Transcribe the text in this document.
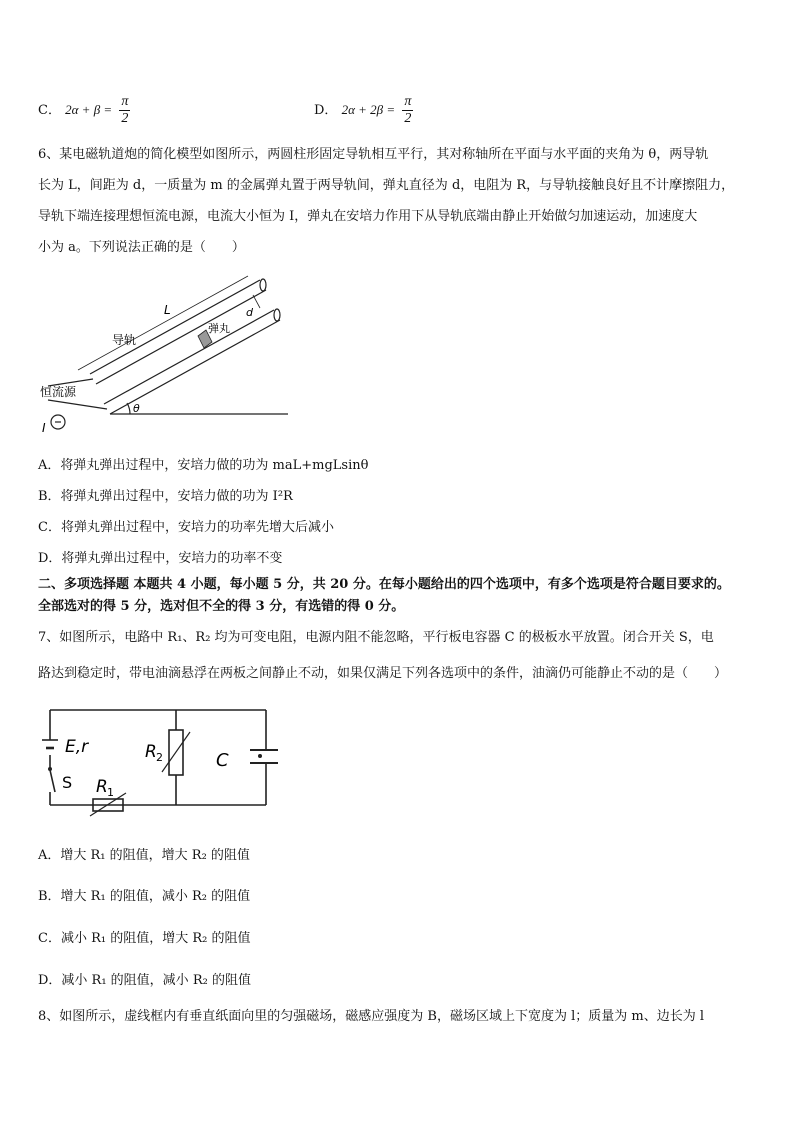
C． $2\alpha + \beta = \frac{\pi}{2}$	D． $2\alpha + 2\beta = \frac{\pi}{2}$
6、某电磁轨道炮的简化模型如图所示，两圆柱形固定导轨相互平行，其对称轴所在平面与水平面的夹角为 θ，两导轨
长为 L，间距为 d，一质量为 m 的金属弹丸置于两导轨间，弹丸直径为 d，电阻为 R，与导轨接触良好且不计摩擦阻力，
导轨下端连接理想恒流电源，电流大小恒为 I，弹丸在安培力作用下从导轨底端由静止开始做匀加速运动，加速度大
小为 a。下列说法正确的是（　　）
L	d
导轨
弹丸
恒流源
θ
I
A．将弹丸弹出过程中，安培力做的功为 maL+mgLsinθ
B．将弹丸弹出过程中，安培力做的功为 I²R
C．将弹丸弹出过程中，安培力的功率先增大后减小
D．将弹丸弹出过程中，安培力的功率不变
二、多项选择题 本题共 4 小题，每小题 5 分，共 20 分。在每小题给出的四个选项中，有多个选项是符合题目要求的。
全部选对的得 5 分，选对但不全的得 3 分，有选错的得 0 分。
7、如图所示，电路中 R₁、R₂ 均为可变电阻，电源内阻不能忽略，平行板电容器 C 的极板水平放置。闭合开关 S，电
路达到稳定时，带电油滴悬浮在两板之间静止不动，如果仅满足下列各选项中的条件，油滴仍可能静止不动的是（　　）
E,r
S R 1
R 2	C
A．增大 R₁ 的阻值，增大 R₂ 的阻值
B．增大 R₁ 的阻值，减小 R₂ 的阻值
C．减小 R₁ 的阻值，增大 R₂ 的阻值
D．减小 R₁ 的阻值，减小 R₂ 的阻值
8、如图所示，虚线框内有垂直纸面向里的匀强磁场，磁感应强度为 B，磁场区域上下宽度为 l；质量为 m、边长为 l
